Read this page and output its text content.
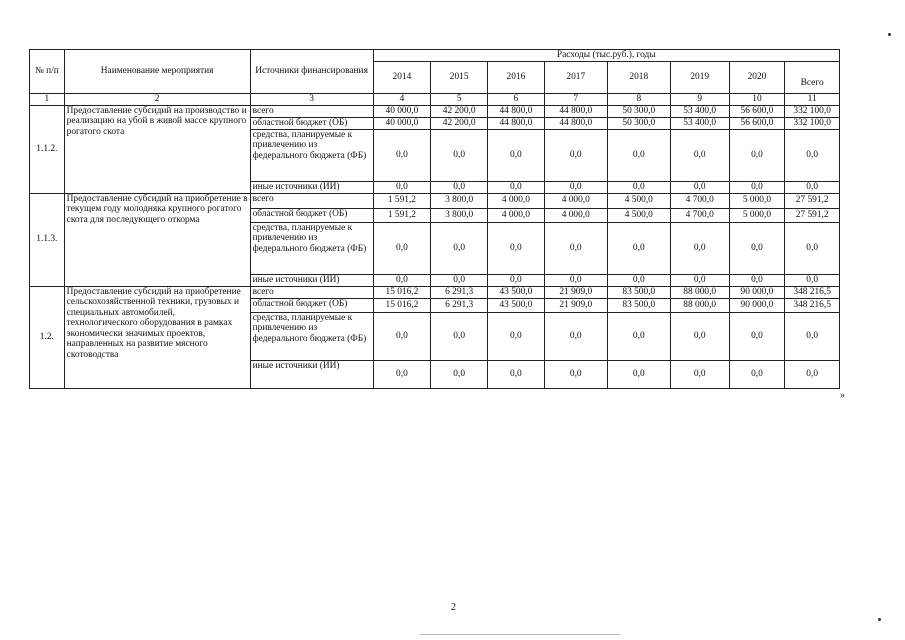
№ п/п	Наименование мероприятия	Источники финансирования	Расходы (тыс.руб.), годы							
			2014	2015	2016	2017	2018	2019	2020	Всего
1	2	3	4	5	6	7	8	9	10	11
1.1.2.	Предоставление субсидий на производство и реализацию на убой в живой массе крупного рогатого скота	всего	40 000,0	42 200,0	44 800,0	44 800,0	50 300,0	53 400,0	56 600,0	332 100,0
		областной бюджет (ОБ)	40 000,0	42 200,0	44 800,0	44 800,0	50 300,0	53 400,0	56 600,0	332 100,0
		средства, планируемые к привлечению из федерального бюджета (ФБ)	0,0	0,0	0,0	0,0	0,0	0,0	0,0	0,0
		иные источники (ИИ)	0,0	0,0	0,0	0,0	0,0	0,0	0,0	0,0
1.1.3.	Предоставление субсидий на приобретение в текущем году молодняка крупного рогатого скота для последующего откорма	всего	1 591,2	3 800,0	4 000,0	4 000,0	4 500,0	4 700,0	5 000,0	27 591,2
		областной бюджет (ОБ)	1 591,2	3 800,0	4 000,0	4 000,0	4 500,0	4 700,0	5 000,0	27 591,2
		средства, планируемые к привлечению из федерального бюджета (ФБ)	0,0	0,0	0,0	0,0	0,0	0,0	0,0	0,0
		иные источники (ИИ)	0,0	0,0	0,0	0,0	0,0	0,0	0,0	0,0
1.2.	Предоставление субсидий на приобретение сельскохозяйственной техники, грузовых и специальных автомобилей, технологического оборудования в рамках экономически значимых проектов, направленных на развитие мясного скотоводства	всего	15 016,2	6 291,3	43 500,0	21 909,0	83 500,0	88 000,0	90 000,0	348 216,5
		областной бюджет (ОБ)	15 016,2	6 291,3	43 500,0	21 909,0	83 500,0	88 000,0	90 000,0	348 216,5
		средства, планируемые к привлечению из федерального бюджета (ФБ)	0,0	0,0	0,0	0,0	0,0	0,0	0,0	0,0
		иные источники (ИИ)	0,0	0,0	0,0	0,0	0,0	0,0	0,0	0,0
»
2
